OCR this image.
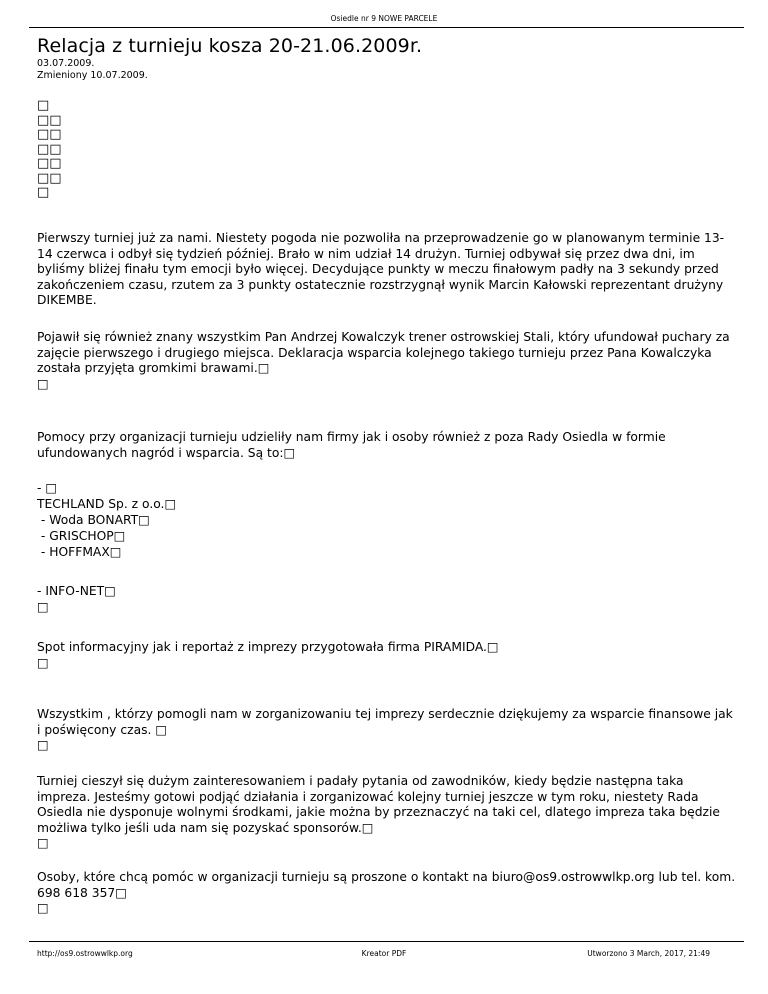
Osiedle nr 9 NOWE PARCELE
Relacja z turnieju kosza 20-21.06.2009r.
03.07.2009.
Zmieniony 10.07.2009.
□
□□
□□
□□
□□
□□
□

Pierwszy turniej już za nami. Niestety pogoda nie pozwoliła na przeprowadzenie go w planowanym terminie 13-14 czerwca i odbył się tydzień później. Brało w nim udział 14 drużyn. Turniej odbywał się przez dwa dni, im byliśmy bliżej finału tym emocji było więcej. Decydujące punkty w meczu finałowym padły na 3 sekundy przed zakończeniem czasu, rzutem za 3 punkty ostatecznie rozstrzygnął wynik Marcin Kałowski reprezentant drużyny DIKEMBE.

Pojawił się również znany wszystkim Pan Andrzej Kowalczyk trener ostrowskiej Stali, który ufundował puchary za zajęcie pierwszego i drugiego miejsca. Deklaracja wsparcia kolejnego takiego turnieju przez Pana Kowalczyka została przyjęta gromkimi brawami.□
□

Pomocy przy organizacji turnieju udzieliły nam firmy jak i osoby również z poza Rady Osiedla w formie ufundowanych nagród i wsparcia. Są to:□

- □
TECHLAND Sp. z o.o.□

- Woda BONART□

- GRISCHOP□

- HOFFMAX□

- INFO-NET□
□

Spot informacyjny jak i reportaż z imprezy przygotowała firma PIRAMIDA.□
□

Wszystkim , którzy pomogli nam w zorganizowaniu tej imprezy serdecznie dziękujemy za wsparcie finansowe jak i poświęcony czas. □
□

Turniej cieszył się dużym zainteresowaniem i padały pytania od zawodników, kiedy będzie następna taka impreza. Jesteśmy gotowi podjąć działania i zorganizować kolejny turniej jeszcze w tym roku, niestety Rada Osiedla nie dysponuje wolnymi środkami, jakie można by przeznaczyć na taki cel, dlatego impreza taka będzie możliwa tylko jeśli uda nam się pozyskać sponsorów.□
□

Osoby, które chcą pomóc w organizacji turnieju są proszone o kontakt na biuro@os9.ostrowwlkp.org lub tel. kom. 698 618 357□
□

http://os9.ostrowwlkp.org	Kreator PDF	Utworzono 3 March, 2017, 21:49
